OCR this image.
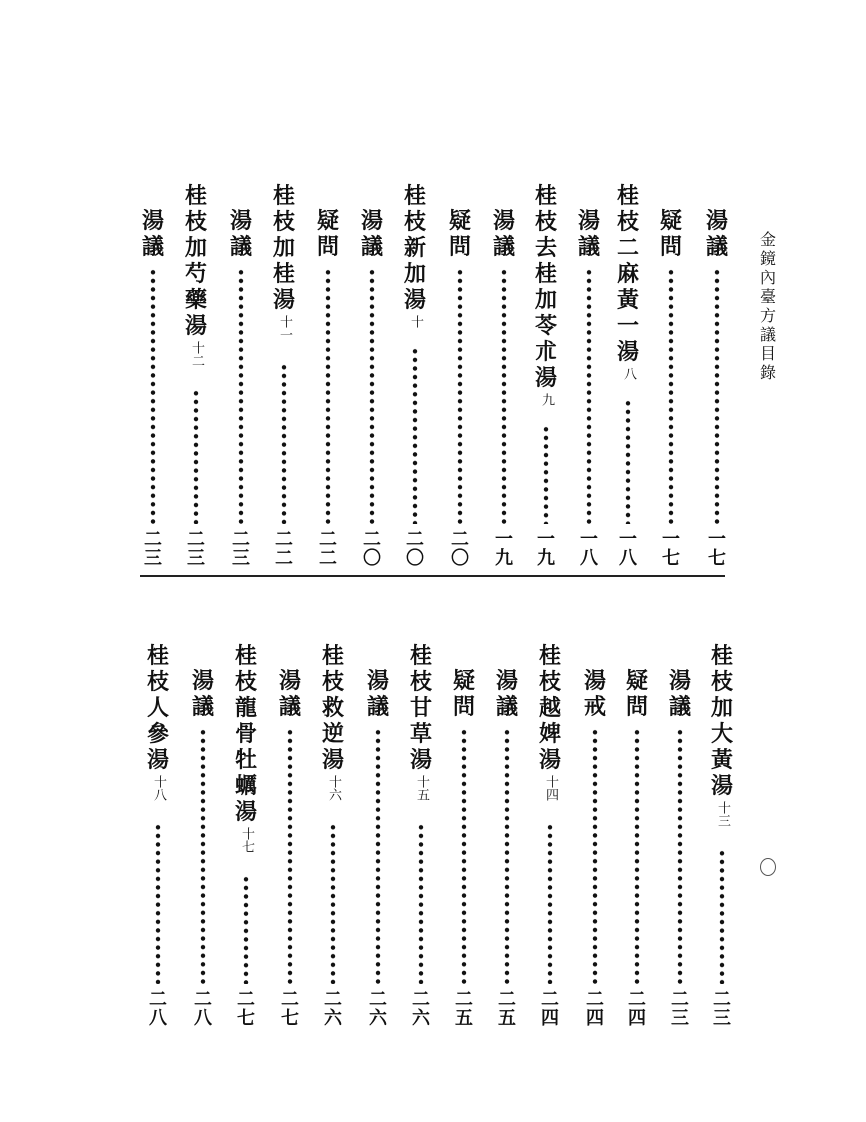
金
鏡
內
臺
方
議
目
錄
湯
議
一
七
疑
問
一
七
桂
枝
二
麻
黃
一
湯
八
一
八
湯
議
一
八
桂
枝
去
桂
加
苓
朮
湯
九
一
九
湯
議
一
九
疑
問
二
〇
桂
枝
新
加
湯
十
二
〇
湯
議
二
〇
疑
問
二
二
桂
枝
加
桂
湯
十一
二
二
湯
議
二
三
桂
枝
加
芍
藥
湯
十二
二
三
湯
議
二
三
桂
枝
加
大
黃
湯
十三
二
三
湯
議
二
三
疑
問
二
四
湯
戒
二
四
桂
枝
越
婢
湯
十四
二
四
湯
議
二
五
疑
問
二
五
桂
枝
甘
草
湯
十五
二
六
湯
議
二
六
桂
枝
救
逆
湯
十六
二
六
湯
議
二
七
桂
枝
龍
骨
牡
蠣
湯
十七
二
七
湯
議
二
八
桂
枝
人
參
湯
十八
二
八
